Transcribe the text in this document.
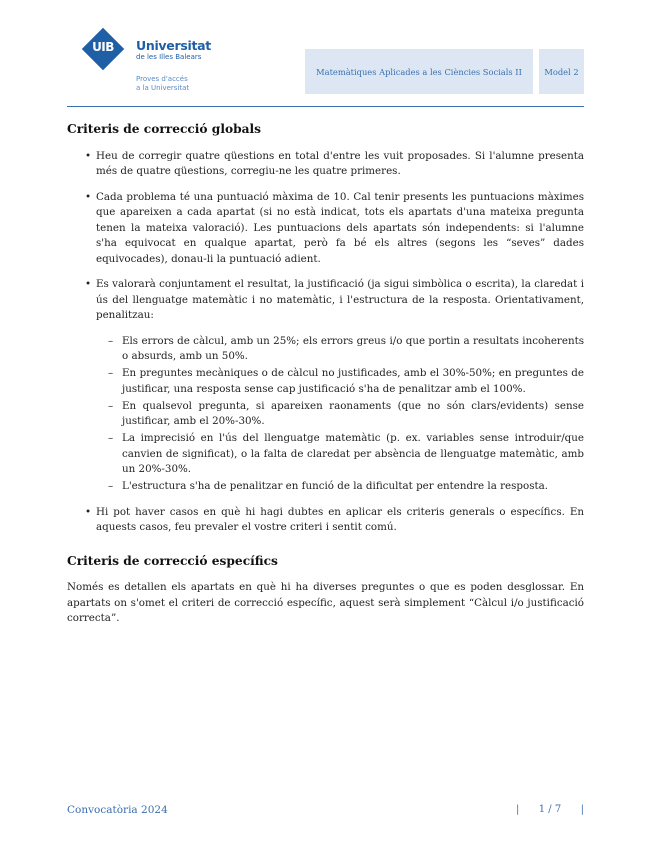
UIB	Universitat
de les Illes Balears
Proves d'accés
a la Universitat
Matemàtiques Aplicades a les Ciències Socials II	Model 2
Criteris de correcció globals
• Heu de corregir quatre qüestions en total d'entre les vuit proposades. Si l'alumne presenta més de quatre qüestions, corregiu-ne les quatre primeres.
• Cada problema té una puntuació màxima de 10. Cal tenir presents les puntuacions màximes que apareixen a cada apartat (si no està indicat, tots els apartats d'una mateixa pregunta tenen la mateixa valoració). Les puntuacions dels apartats són independents: si l'alumne s'ha equivocat en qualque apartat, però fa bé els altres (segons les “seves” dades equivocades), donau-li la puntuació adient.
• Es valorarà conjuntament el resultat, la justificació (ja sigui simbòlica o escrita), la claredat i ús del llenguatge matemàtic i no matemàtic, i l'estructura de la resposta. Orientativament, penalitzau:
– Els errors de càlcul, amb un 25%; els errors greus i/o que portin a resultats incoherents o absurds, amb un 50%.
– En preguntes mecàniques o de càlcul no justificades, amb el 30%-50%; en preguntes de justificar, una resposta sense cap justificació s'ha de penalitzar amb el 100%.
– En qualsevol pregunta, si apareixen raonaments (que no són clars/evidents) sense justificar, amb el 20%-30%.
– La imprecisió en l'ús del llenguatge matemàtic (p. ex. variables sense introduir/que canvien de significat), o la falta de claredat per absència de llenguatge matemàtic, amb un 20%-30%.
– L'estructura s'ha de penalitzar en funció de la dificultat per entendre la resposta.
• Hi pot haver casos en què hi hagi dubtes en aplicar els criteris generals o específics. En aquests casos, feu prevaler el vostre criteri i sentit comú.
Criteris de correcció específics

Només es detallen els apartats en què hi ha diverses preguntes o que es poden desglossar. En apartats on s'omet el criteri de correcció específic, aquest serà simplement “Càlcul i/o justificació correcta”.

Convocatòria 2024	| 1 / 7 |
